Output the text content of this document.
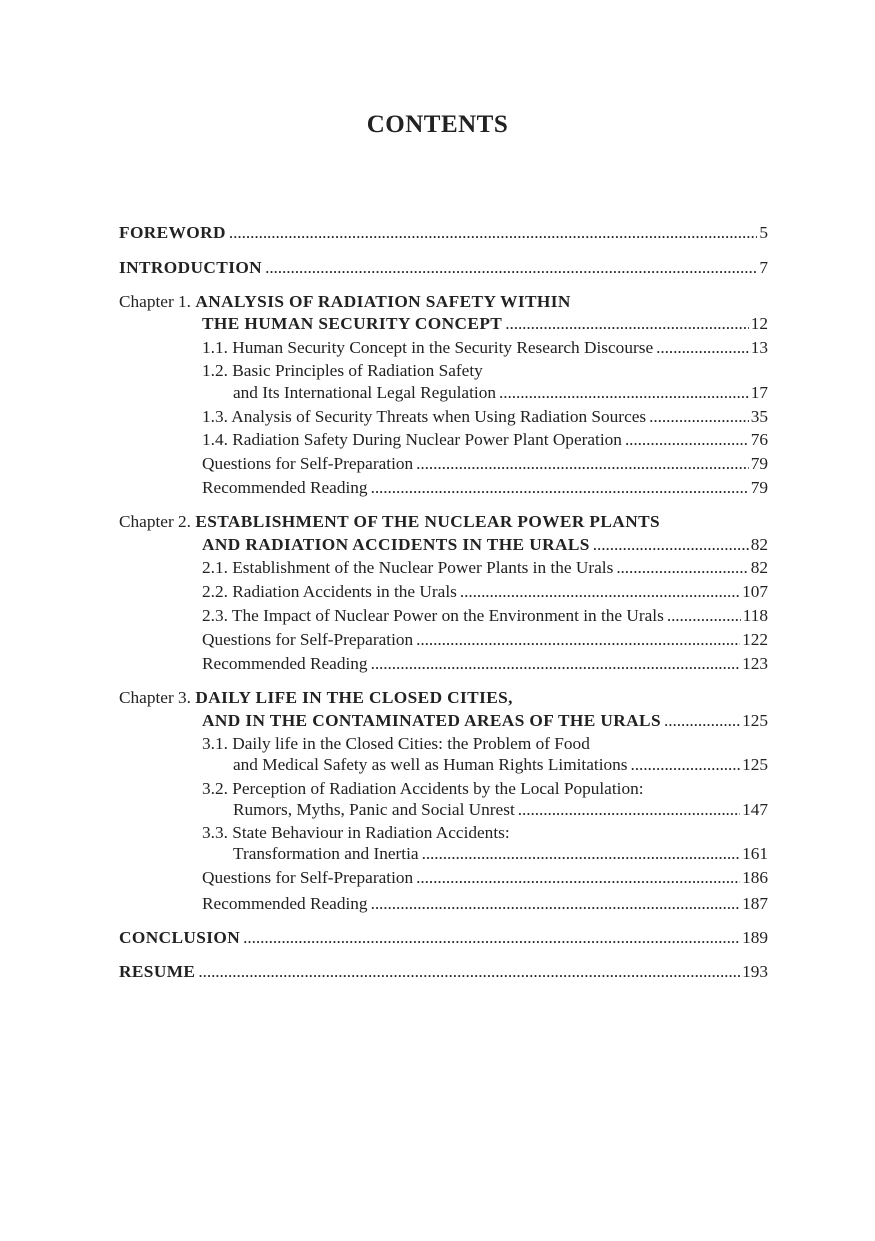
CONTENTS
FOREWORD . . .	5
INTRODUCTION . . .	7
Chapter 1. ANALYSIS OF RADIATION SAFETY WITHIN
THE HUMAN SECURITY CONCEPT . . .	12
1.1. Human Security Concept in the Security Research Discourse . . .	13
1.2. Basic Principles of Radiation Safety
and Its International Legal Regulation . . .	17
1.3. Analysis of Security Threats when Using Radiation Sources . . .	35
1.4. Radiation Safety During Nuclear Power Plant Operation . . .	76
Questions for Self-Preparation . . .	79
Recommended Reading . . .	79
Chapter 2. ESTABLISHMENT OF THE NUCLEAR POWER PLANTS
AND RADIATION ACCIDENTS IN THE URALS . . .	82
2.1. Establishment of the Nuclear Power Plants in the Urals . . .	82
2.2. Radiation Accidents in the Urals . . .	107
2.3. The Impact of Nuclear Power on the Environment in the Urals . . .	118
Questions for Self-Preparation . . .	122
Recommended Reading . . .	123
Chapter 3. DAILY LIFE IN THE CLOSED CITIES,
AND IN THE CONTAMINATED AREAS OF THE URALS . . .	125
3.1. Daily life in the Closed Cities: the Problem of Food
and Medical Safety as well as Human Rights Limitations . . .	125
3.2. Perception of Radiation Accidents by the Local Population:
Rumors, Myths, Panic and Social Unrest . . .	147
3.3. State Behaviour in Radiation Accidents:
Transformation and Inertia . . .	161
Questions for Self-Preparation . . .	186
Recommended Reading . . .	187
CONCLUSION . . .	189
RESUME . . .	193
